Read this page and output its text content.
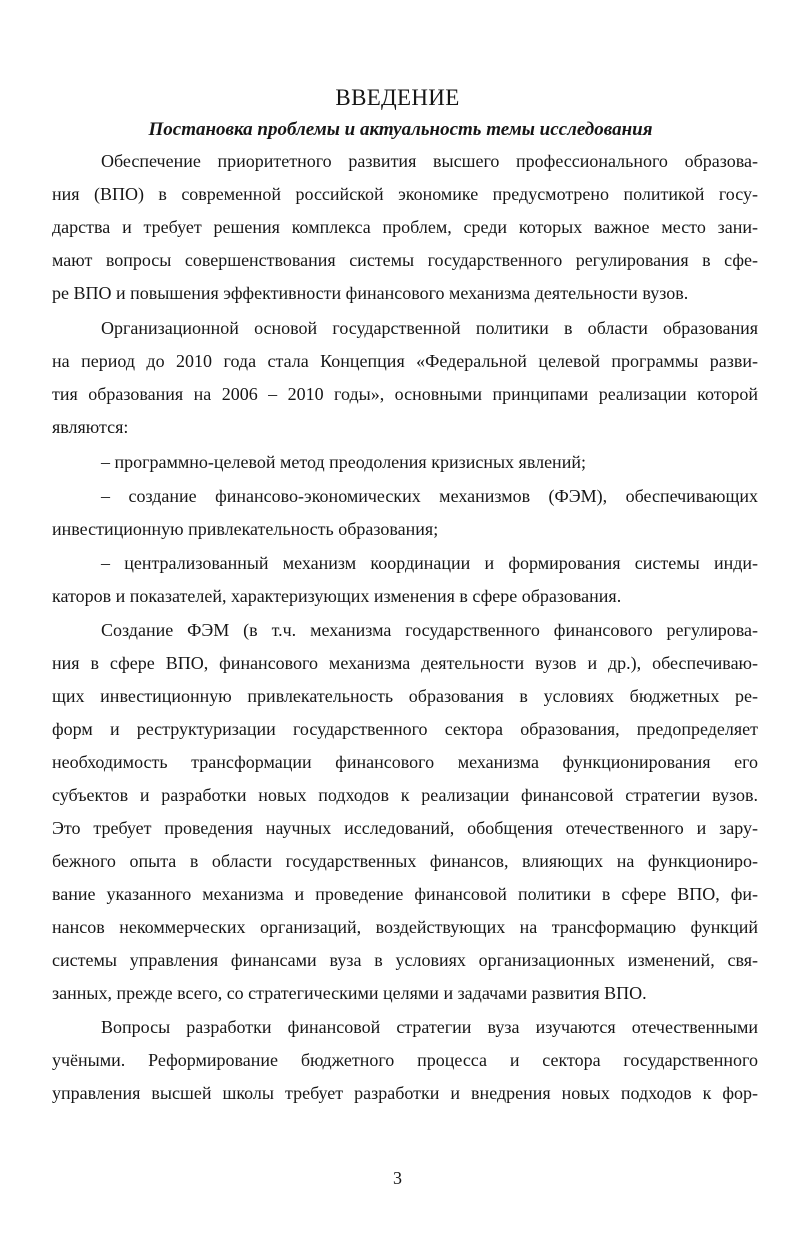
ВВЕДЕНИЕ
Постановка проблемы и актуальность темы исследования
Обеспечение приоритетного развития высшего профессионального образова-
ния (ВПО) в современной российской экономике предусмотрено политикой госу-
дарства и требует решения комплекса проблем, среди которых важное место зани-
мают вопросы совершенствования системы государственного регулирования в сфе-
ре ВПО и повышения эффективности финансового механизма деятельности вузов.
Организационной основой государственной политики в области образования
на период до 2010 года стала Концепция «Федеральной целевой программы разви-
тия образования на 2006 – 2010 годы», основными принципами реализации которой
являются:
– программно-целевой метод преодоления кризисных явлений;
– создание финансово-экономических механизмов (ФЭМ), обеспечивающих
инвестиционную привлекательность образования;
– централизованный механизм координации и формирования системы инди-
каторов и показателей, характеризующих изменения в сфере образования.
Создание ФЭМ (в т.ч. механизма государственного финансового регулирова-
ния в сфере ВПО, финансового механизма деятельности вузов и др.), обеспечиваю-
щих инвестиционную привлекательность образования в условиях бюджетных ре-
форм и реструктуризации государственного сектора образования, предопределяет
необходимость трансформации финансового механизма функционирования его
субъектов и разработки новых подходов к реализации финансовой стратегии вузов.
Это требует проведения научных исследований, обобщения отечественного и зару-
бежного опыта в области государственных финансов, влияющих на функциониро-
вание указанного механизма и проведение финансовой политики в сфере ВПО, фи-
нансов некоммерческих организаций, воздействующих на трансформацию функций
системы управления финансами вуза в условиях организационных изменений, свя-
занных, прежде всего, со стратегическими целями и задачами развития ВПО.
Вопросы разработки финансовой стратегии вуза изучаются отечественными
учёными. Реформирование бюджетного процесса и сектора государственного
управления высшей школы требует разработки и внедрения новых подходов к фор-
3
